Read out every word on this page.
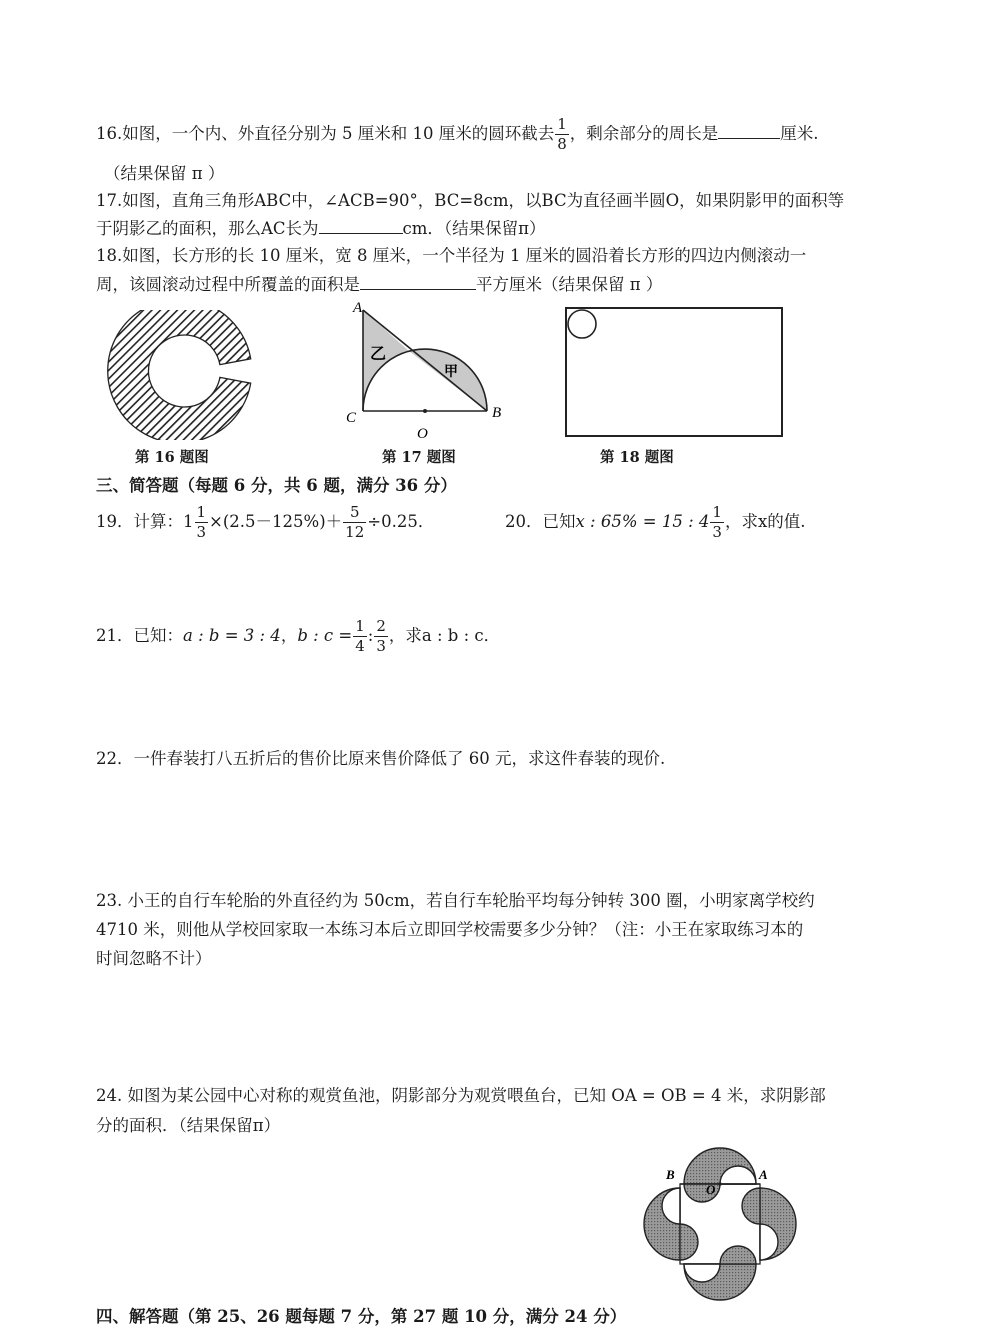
16.如图，一个内、外直径分别为 5 厘米和 10 厘米的圆环截去 $\frac{1}{8}$ ，剩余部分的周长是	厘米.
（结果保留 π ）
17.如图，直角三角形ABC中，∠ACB=90°，BC=8cm，以BC为直径画半圆O，如果阴影甲的面积等
于阴影乙的面积，那么AC长为	cm．（结果保留π）
18.如图，长方形的长 10 厘米，宽 8 厘米，一个半径为 1 厘米的圆沿着长方形的四边内侧滚动一
周，该圆滚动过程中所覆盖的面积是	平方厘米（结果保留 π ）
第 16 题图
A
B
C
O
乙
甲
第 17 题图	第 18 题图
三、简答题（每题 6 分，共 6 题，满分 36 分）
19．计算：$1 \frac{1}{3} \times(2.5-125\%)+ \frac{5}{12} \div 0.25$．	20．已知x : 65% = 15 : $4 \frac{1}{3}$ ，求x的值.
21．已知：a : b = 3 : 4，b : $c = \frac{1}{4}$ : $\frac{2}{3}$ ，求a : b : c．
22．一件春装打八五折后的售价比原来售价降低了 60 元，求这件春装的现价.
23. 小王的自行车轮胎的外直径约为 50cm，若自行车轮胎平均每分钟转 300 圈，小明家离学校约
4710 米，则他从学校回家取一本练习本后立即回学校需要多少分钟？（注：小王在家取练习本的
时间忽略不计）
24. 如图为某公园中心对称的观赏鱼池，阴影部分为观赏喂鱼台，已知 OA = OB = 4 米，求阴影部
分的面积．（结果保留π）
B	A
O
四、解答题（第 25、26 题每题 7 分，第 27 题 10 分，满分 24 分）
